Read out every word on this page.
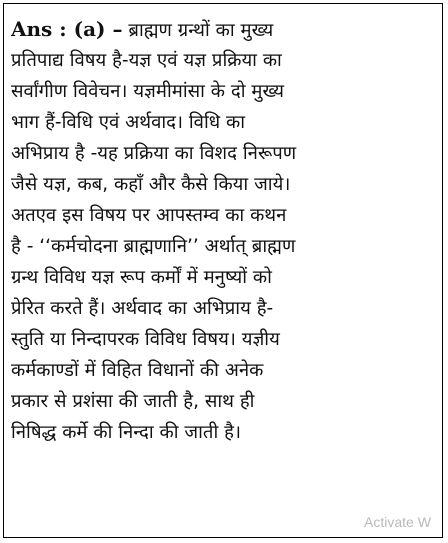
Ans : (a) – ब्राह्मण ग्रन्थों का मुख्य
प्रतिपाद्य विषय है-यज्ञ एवं यज्ञ प्रक्रिया का
सर्वांगीण विवेचन। यज्ञमीमांसा के दो मुख्य
भाग हैं-विधि एवं अर्थवाद। विधि का
अभिप्राय है -यह प्रक्रिया का विशद निरूपण
जैसे यज्ञ, कब, कहाँ और कैसे किया जाये।
अतएव इस विषय पर आपस्तम्व का कथन
है - ‘‘कर्मचोदना ब्राह्मणानि’’ अर्थात् ब्राह्मण
ग्रन्थ विविध यज्ञ रूप कर्मों में मनुष्यों को
प्रेरित करते हैं। अर्थवाद का अभिप्राय है-
स्तुति या निन्दापरक विविध विषय। यज्ञीय
कर्मकाण्डों में विहित विधानों की अनेक
प्रकार से प्रशंसा की जाती है, साथ ही
निषिद्ध कर्मे की निन्दा की जाती है।
Activate W
